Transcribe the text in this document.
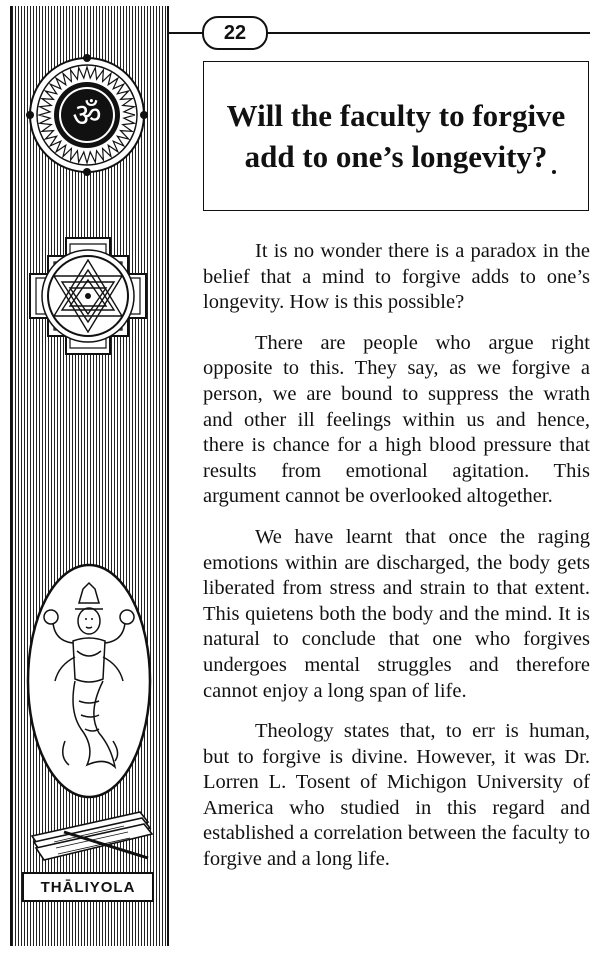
ॐ
THĀLIYOLA
22
Will the faculty to forgive add to one’s longevity?

It is no wonder there is a paradox in the belief that a mind to forgive adds to one’s longevity. How is this possible?

There are people who argue right opposite to this. They say, as we forgive a person, we are bound to suppress the wrath and other ill feelings within us and hence, there is chance for a high blood pressure that results from emotional agitation. This argument cannot be overlooked altogether.

We have learnt that once the raging emotions within are discharged, the body gets liberated from stress and strain to that extent. This quietens both the body and the mind. It is natural to conclude that one who forgives undergoes mental struggles and therefore cannot enjoy a long span of life.

Theology states that, to err is human, but to forgive is divine. However, it was Dr. Lorren L. Tosent of Michigon University of America who studied in this regard and established a correlation between the faculty to forgive and a long life.
